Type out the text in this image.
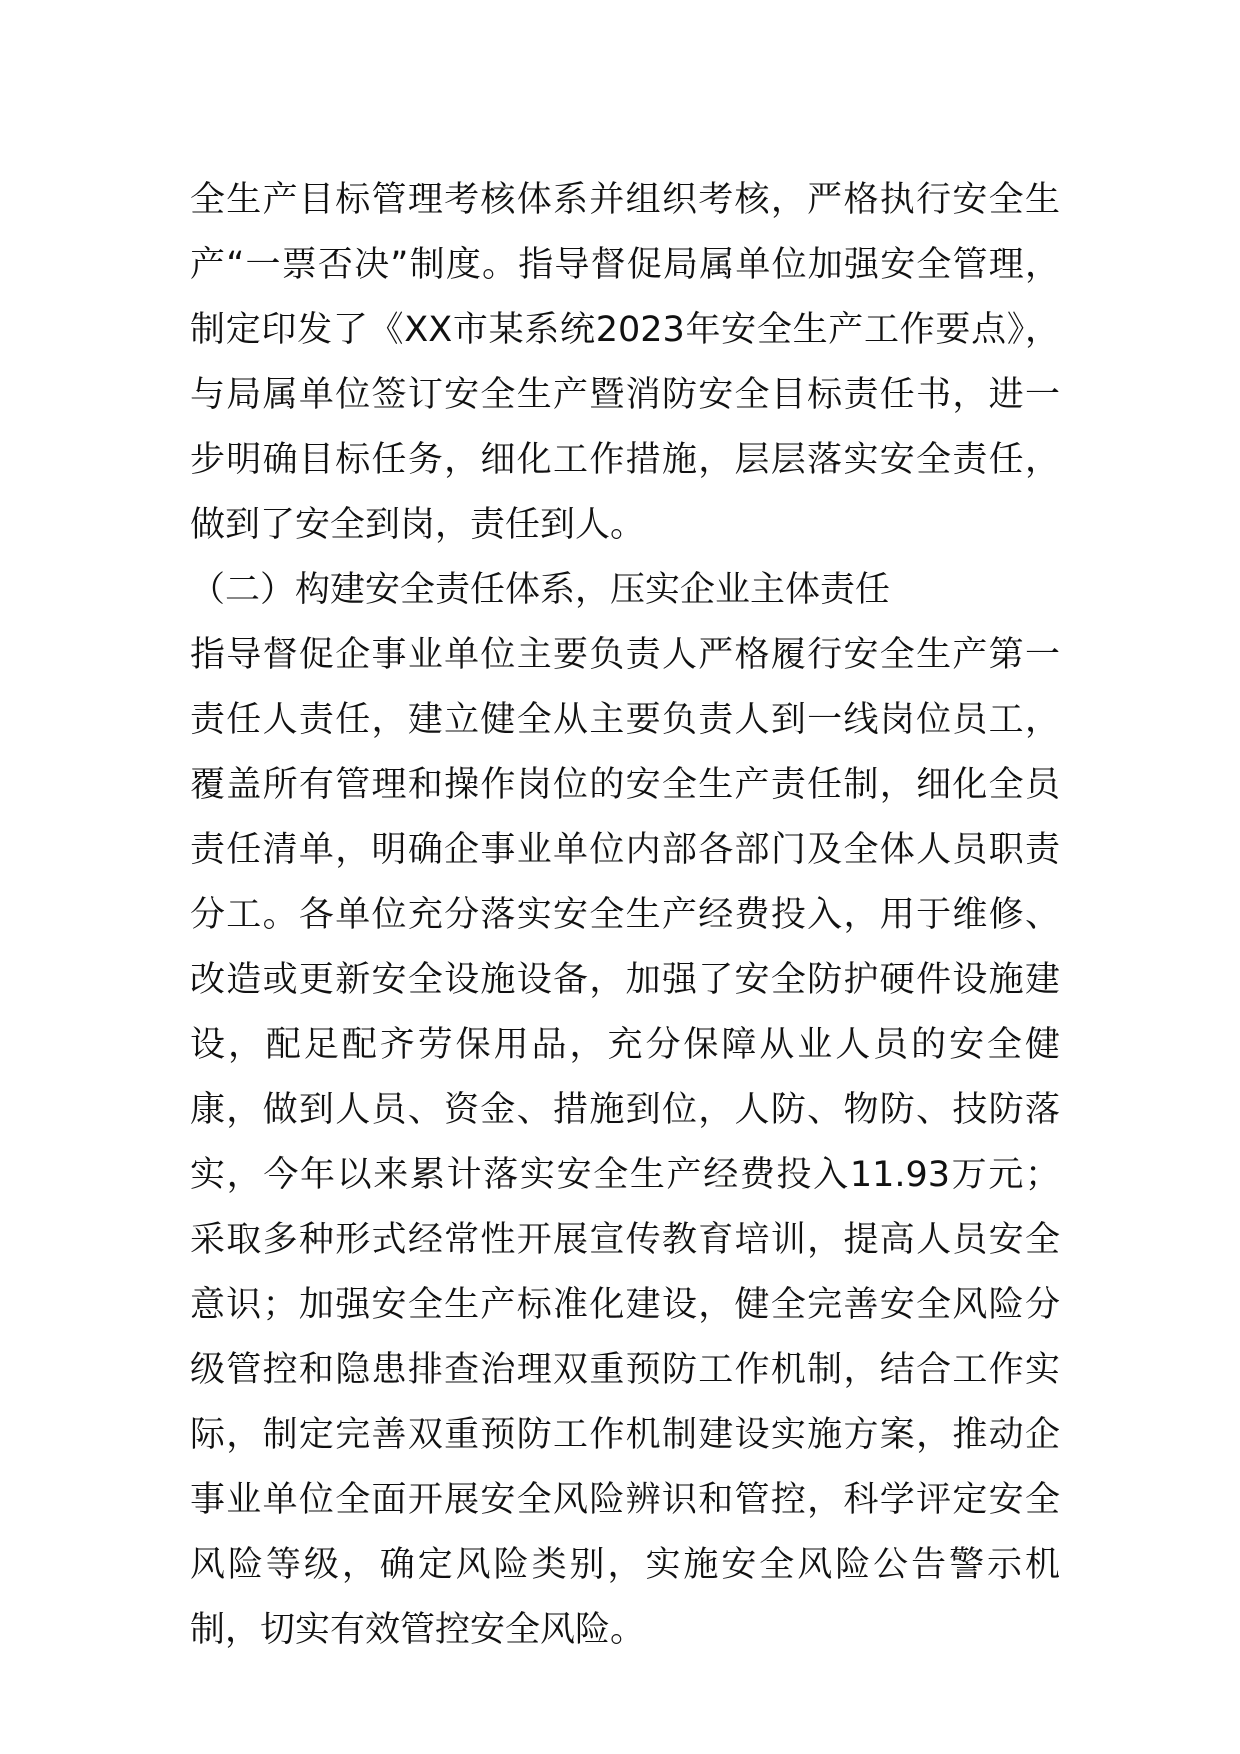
全生产目标管理考核体系并组织考核，严格执行安全生产“一票否决”制度。指导督促局属单位加强安全管理，制定印发了《XX市某系统2023年安全生产工作要点》，与局属单位签订安全生产暨消防安全目标责任书，进一步明确目标任务，细化工作措施，层层落实安全责任，做到了安全到岗，责任到人。

（二）构建安全责任体系，压实企业主体责任

指导督促企事业单位主要负责人严格履行安全生产第一责任人责任，建立健全从主要负责人到一线岗位员工，覆盖所有管理和操作岗位的安全生产责任制，细化全员责任清单，明确企事业单位内部各部门及全体人员职责分工。各单位充分落实安全生产经费投入，用于维修、改造或更新安全设施设备，加强了安全防护硬件设施建设，配足配齐劳保用品，充分保障从业人员的安全健康，做到人员、资金、措施到位，人防、物防、技防落实，今年以来累计落实安全生产经费投入11.93万元；采取多种形式经常性开展宣传教育培训，提高人员安全意识；加强安全生产标准化建设，健全完善安全风险分级管控和隐患排查治理双重预防工作机制，结合工作实际，制定完善双重预防工作机制建设实施方案，推动企事业单位全面开展安全风险辨识和管控，科学评定安全风险等级，确定风险类别，实施安全风险公告警示机制，切实有效管控安全风险。
